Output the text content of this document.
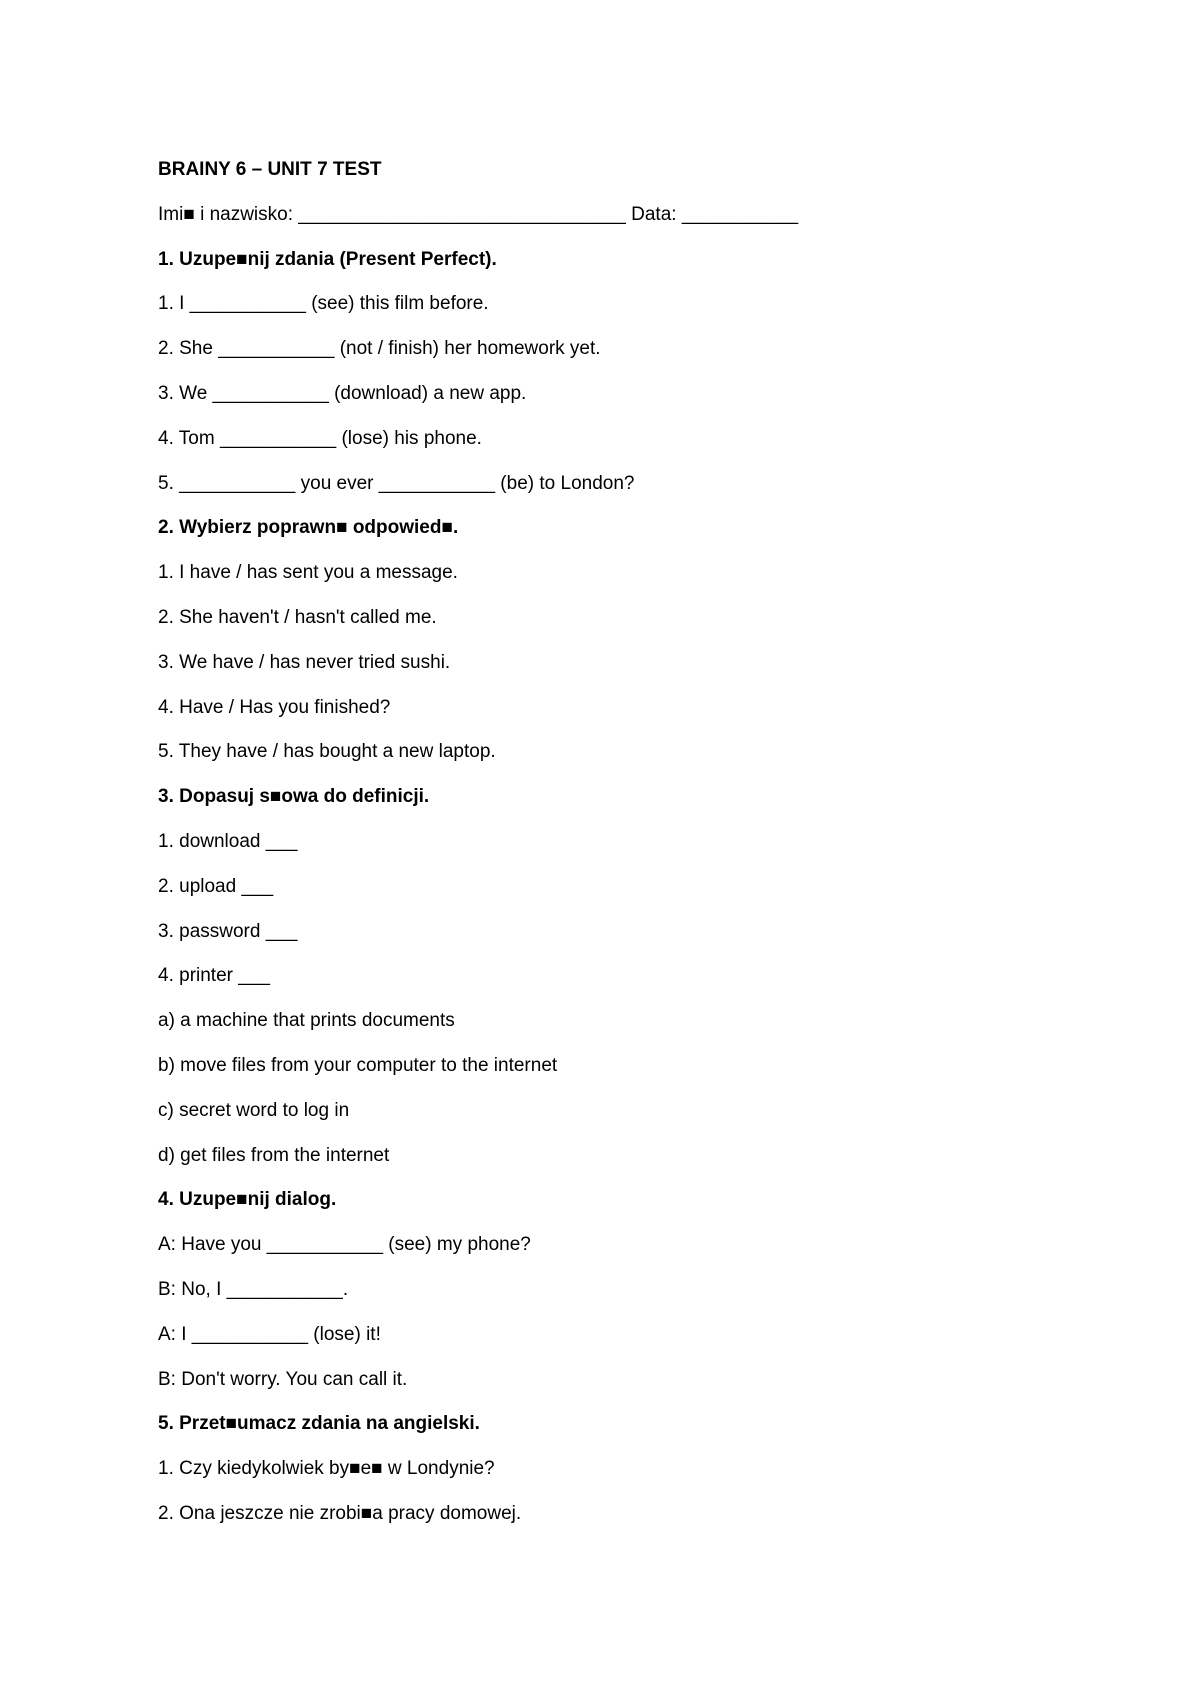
BRAINY 6 – UNIT 7 TEST
Imi■ i nazwisko: _______________________________ Data: ___________
1. Uzupe■nij zdania (Present Perfect).
1. I ___________ (see) this film before.
2. She ___________ (not / finish) her homework yet.
3. We ___________ (download) a new app.
4. Tom ___________ (lose) his phone.
5. ___________ you ever ___________ (be) to London?
2. Wybierz poprawn■ odpowied■.
1. I have / has sent you a message.
2. She haven't / hasn't called me.
3. We have / has never tried sushi.
4. Have / Has you finished?
5. They have / has bought a new laptop.
3. Dopasuj s■owa do definicji.
1. download ___
2. upload ___
3. password ___
4. printer ___
a) a machine that prints documents
b) move files from your computer to the internet
c) secret word to log in
d) get files from the internet
4. Uzupe■nij dialog.
A: Have you ___________ (see) my phone?
B: No, I ___________.
A: I ___________ (lose) it!
B: Don't worry. You can call it.
5. Przet■umacz zdania na angielski.
1. Czy kiedykolwiek by■e■ w Londynie?
2. Ona jeszcze nie zrobi■a pracy domowej.
